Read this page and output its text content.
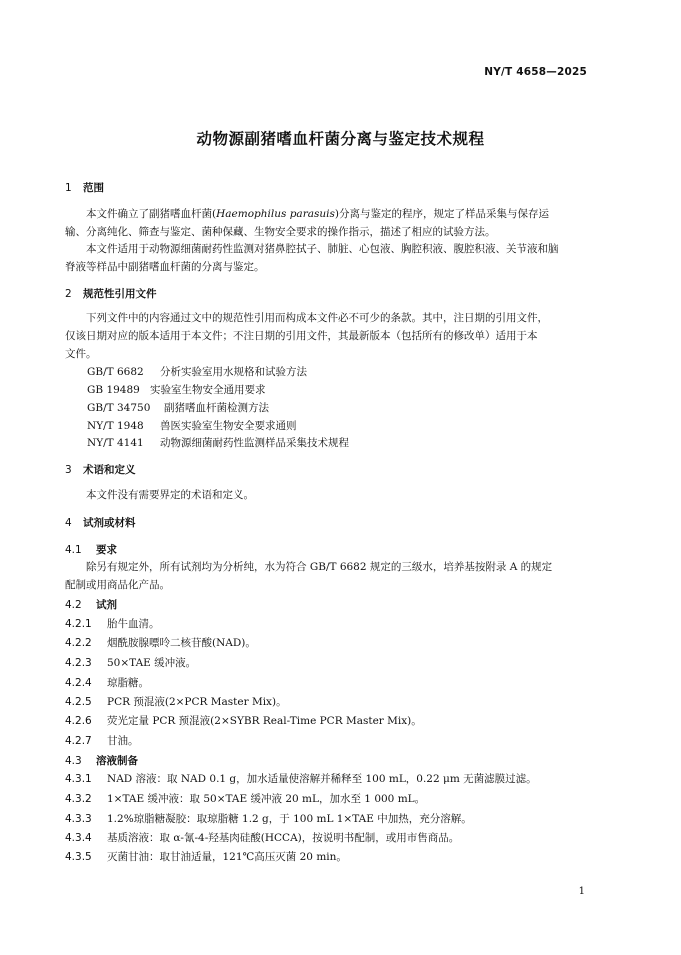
NY/T 4658—2025
动物源副猪嗜血杆菌分离与鉴定技术规程
1 范围
本文件确立了副猪嗜血杆菌(Haemophilus parasuis)分离与鉴定的程序，规定了样品采集与保存运
输、分离纯化、筛查与鉴定、菌种保藏、生物安全要求的操作指示，描述了相应的试验方法。
本文件适用于动物源细菌耐药性监测对猪鼻腔拭子、肺脏、心包液、胸腔积液、腹腔积液、关节液和脑
脊液等样品中副猪嗜血杆菌的分离与鉴定。
2 规范性引用文件
下列文件中的内容通过文中的规范性引用而构成本文件必不可少的条款。其中，注日期的引用文件，
仅该日期对应的版本适用于本文件；不注日期的引用文件，其最新版本（包括所有的修改单）适用于本
文件。
GB/T 6682 分析实验室用水规格和试验方法
GB 19489 实验室生物安全通用要求
GB/T 34750 副猪嗜血杆菌检测方法
NY/T 1948 兽医实验室生物安全要求通则
NY/T 4141 动物源细菌耐药性监测样品采集技术规程
3 术语和定义
本文件没有需要界定的术语和定义。
4 试剂或材料
4.1 要求
除另有规定外，所有试剂均为分析纯，水为符合 GB/T 6682 规定的三级水，培养基按附录 A 的规定
配制或用商品化产品。
4.2 试剂
4.2.1 胎牛血清。
4.2.2 烟酰胺腺嘌呤二核苷酸(NAD)。
4.2.3 50×TAE 缓冲液。
4.2.4 琼脂糖。
4.2.5 PCR 预混液(2×PCR Master Mix)。
4.2.6 荧光定量 PCR 预混液(2×SYBR Real-Time PCR Master Mix)。
4.2.7 甘油。
4.3 溶液制备
4.3.1 NAD 溶液：取 NAD 0.1 g，加水适量使溶解并稀释至 100 mL，0.22 μm 无菌滤膜过滤。
4.3.2 1×TAE 缓冲液：取 50×TAE 缓冲液 20 mL，加水至 1 000 mL。
4.3.3 1.2%琼脂糖凝胶：取琼脂糖 1.2 g，于 100 mL 1×TAE 中加热，充分溶解。
4.3.4 基质溶液：取 α-氰-4-羟基肉硅酸(HCCA)，按说明书配制，或用市售商品。
4.3.5 灭菌甘油：取甘油适量，121℃高压灭菌 20 min。
1
